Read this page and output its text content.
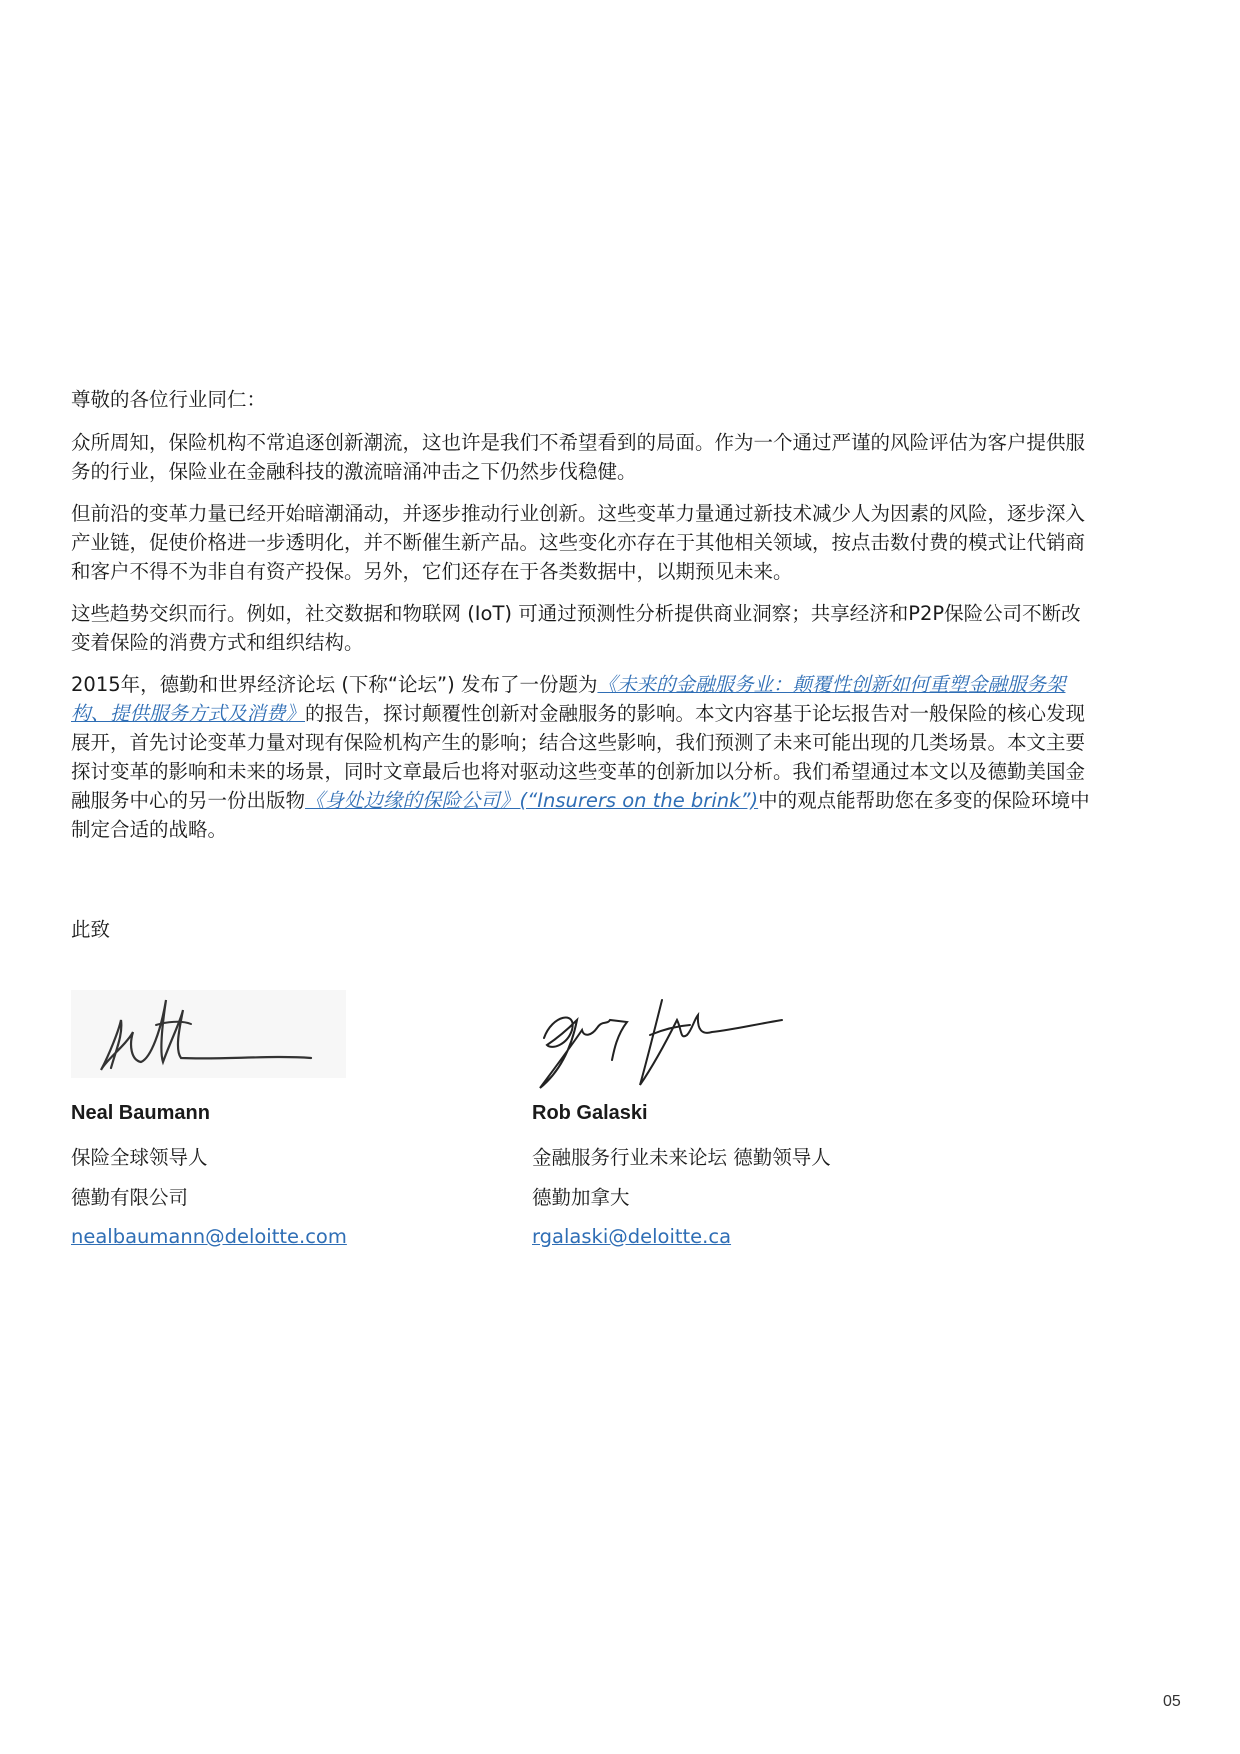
尊敬的各位行业同仁：

众所周知，保险机构不常追逐创新潮流，这也许是我们不希望看到的局面。作为一个通过严谨的风险评估为客户提供服务的行业，保险业在金融科技的激流暗涌冲击之下仍然步伐稳健。

但前沿的变革力量已经开始暗潮涌动，并逐步推动行业创新。这些变革力量通过新技术减少人为因素的风险，逐步深入产业链，促使价格进一步透明化，并不断催生新产品。这些变化亦存在于其他相关领域，按点击数付费的模式让代销商和客户不得不为非自有资产投保。另外，它们还存在于各类数据中，以期预见未来。

这些趋势交织而行。例如，社交数据和物联网 (IoT) 可通过预测性分析提供商业洞察；共享经济和P2P保险公司不断改变着保险的消费方式和组织结构。

2015年，德勤和世界经济论坛 (下称“论坛”) 发布了一份题为《未来的金融服务业：颠覆性创新如何重塑金融服务架构、提供服务方式及消费》的报告，探讨颠覆性创新对金融服务的影响。本文内容基于论坛报告对一般保险的核心发现展开，首先讨论变革力量对现有保险机构产生的影响；结合这些影响，我们预测了未来可能出现的几类场景。本文主要探讨变革的影响和未来的场景，同时文章最后也将对驱动这些变革的创新加以分析。我们希望通过本文以及德勤美国金融服务中心的另一份出版物《身处边缘的保险公司》(“Insurers on the brink”)中的观点能帮助您在多变的保险环境中制定合适的战略。

此致
Neal Baumann	Rob Galaski
保险全球领导人
德勤有限公司
nealbaumann@deloitte.com
金融服务行业未来论坛 德勤领导人
德勤加拿大
rgalaski@deloitte.ca
05
